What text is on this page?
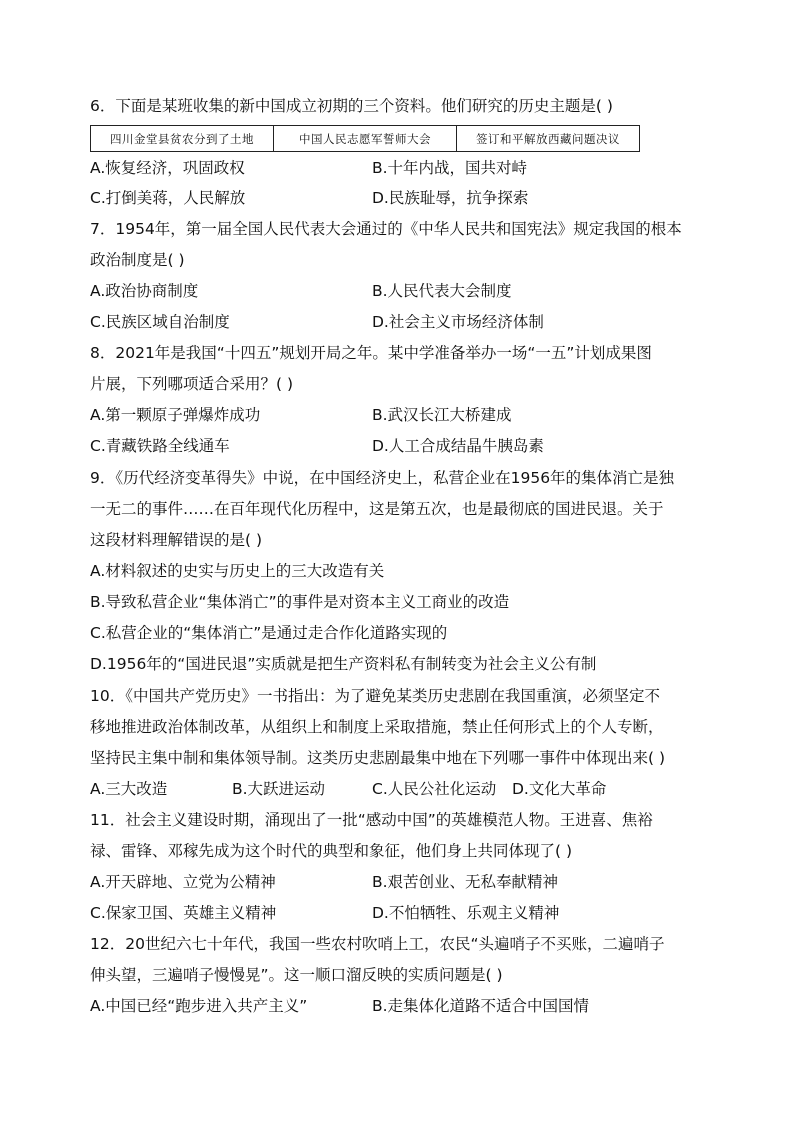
6．下面是某班收集的新中国成立初期的三个资料。他们研究的历史主题是( )
四川金堂县贫农分到了土地	中国人民志愿军誓师大会	签订和平解放西藏问题决议
A.恢复经济，巩固政权	B.十年内战，国共对峙
C.打倒美蒋，人民解放	D.民族耻辱，抗争探索
7．1954年，第一届全国人民代表大会通过的《中华人民共和国宪法》规定我国的根本
政治制度是( )
A.政治协商制度	B.人民代表大会制度
C.民族区域自治制度	D.社会主义市场经济体制
8．2021年是我国“十四五”规划开局之年。某中学准备举办一场“一五”计划成果图
片展，下列哪项适合采用？( )
A.第一颗原子弹爆炸成功	B.武汉长江大桥建成
C.青藏铁路全线通车	D.人工合成结晶牛胰岛素
9．《历代经济变革得失》中说，在中国经济史上，私营企业在1956年的集体消亡是独
一无二的事件……在百年现代化历程中，这是第五次，也是最彻底的国进民退。关于
这段材料理解错误的是( )
A.材料叙述的史实与历史上的三大改造有关
B.导致私营企业“集体消亡”的事件是对资本主义工商业的改造
C.私营企业的“集体消亡”是通过走合作化道路实现的
D.1956年的“国进民退”实质就是把生产资料私有制转变为社会主义公有制
10．《中国共产党历史》一书指出：为了避免某类历史悲剧在我国重演，必须坚定不
移地推进政治体制改革，从组织上和制度上采取措施，禁止任何形式上的个人专断，
坚持民主集中制和集体领导制。这类历史悲剧最集中地在下列哪一事件中体现出来( )
A.三大改造	B.大跃进运动	C.人民公社化运动 D.文化大革命
11．社会主义建设时期，涌现出了一批“感动中国”的英雄模范人物。王进喜、焦裕
禄、雷锋、邓稼先成为这个时代的典型和象征，他们身上共同体现了( )
A.开天辟地、立党为公精神	B.艰苦创业、无私奉献精神
C.保家卫国、英雄主义精神	D.不怕牺牲、乐观主义精神
12．20世纪六七十年代，我国一些农村吹哨上工，农民“头遍哨子不买账，二遍哨子
伸头望，三遍哨子慢慢晃”。这一顺口溜反映的实质问题是( )
A.中国已经“跑步进入共产主义”	B.走集体化道路不适合中国国情
